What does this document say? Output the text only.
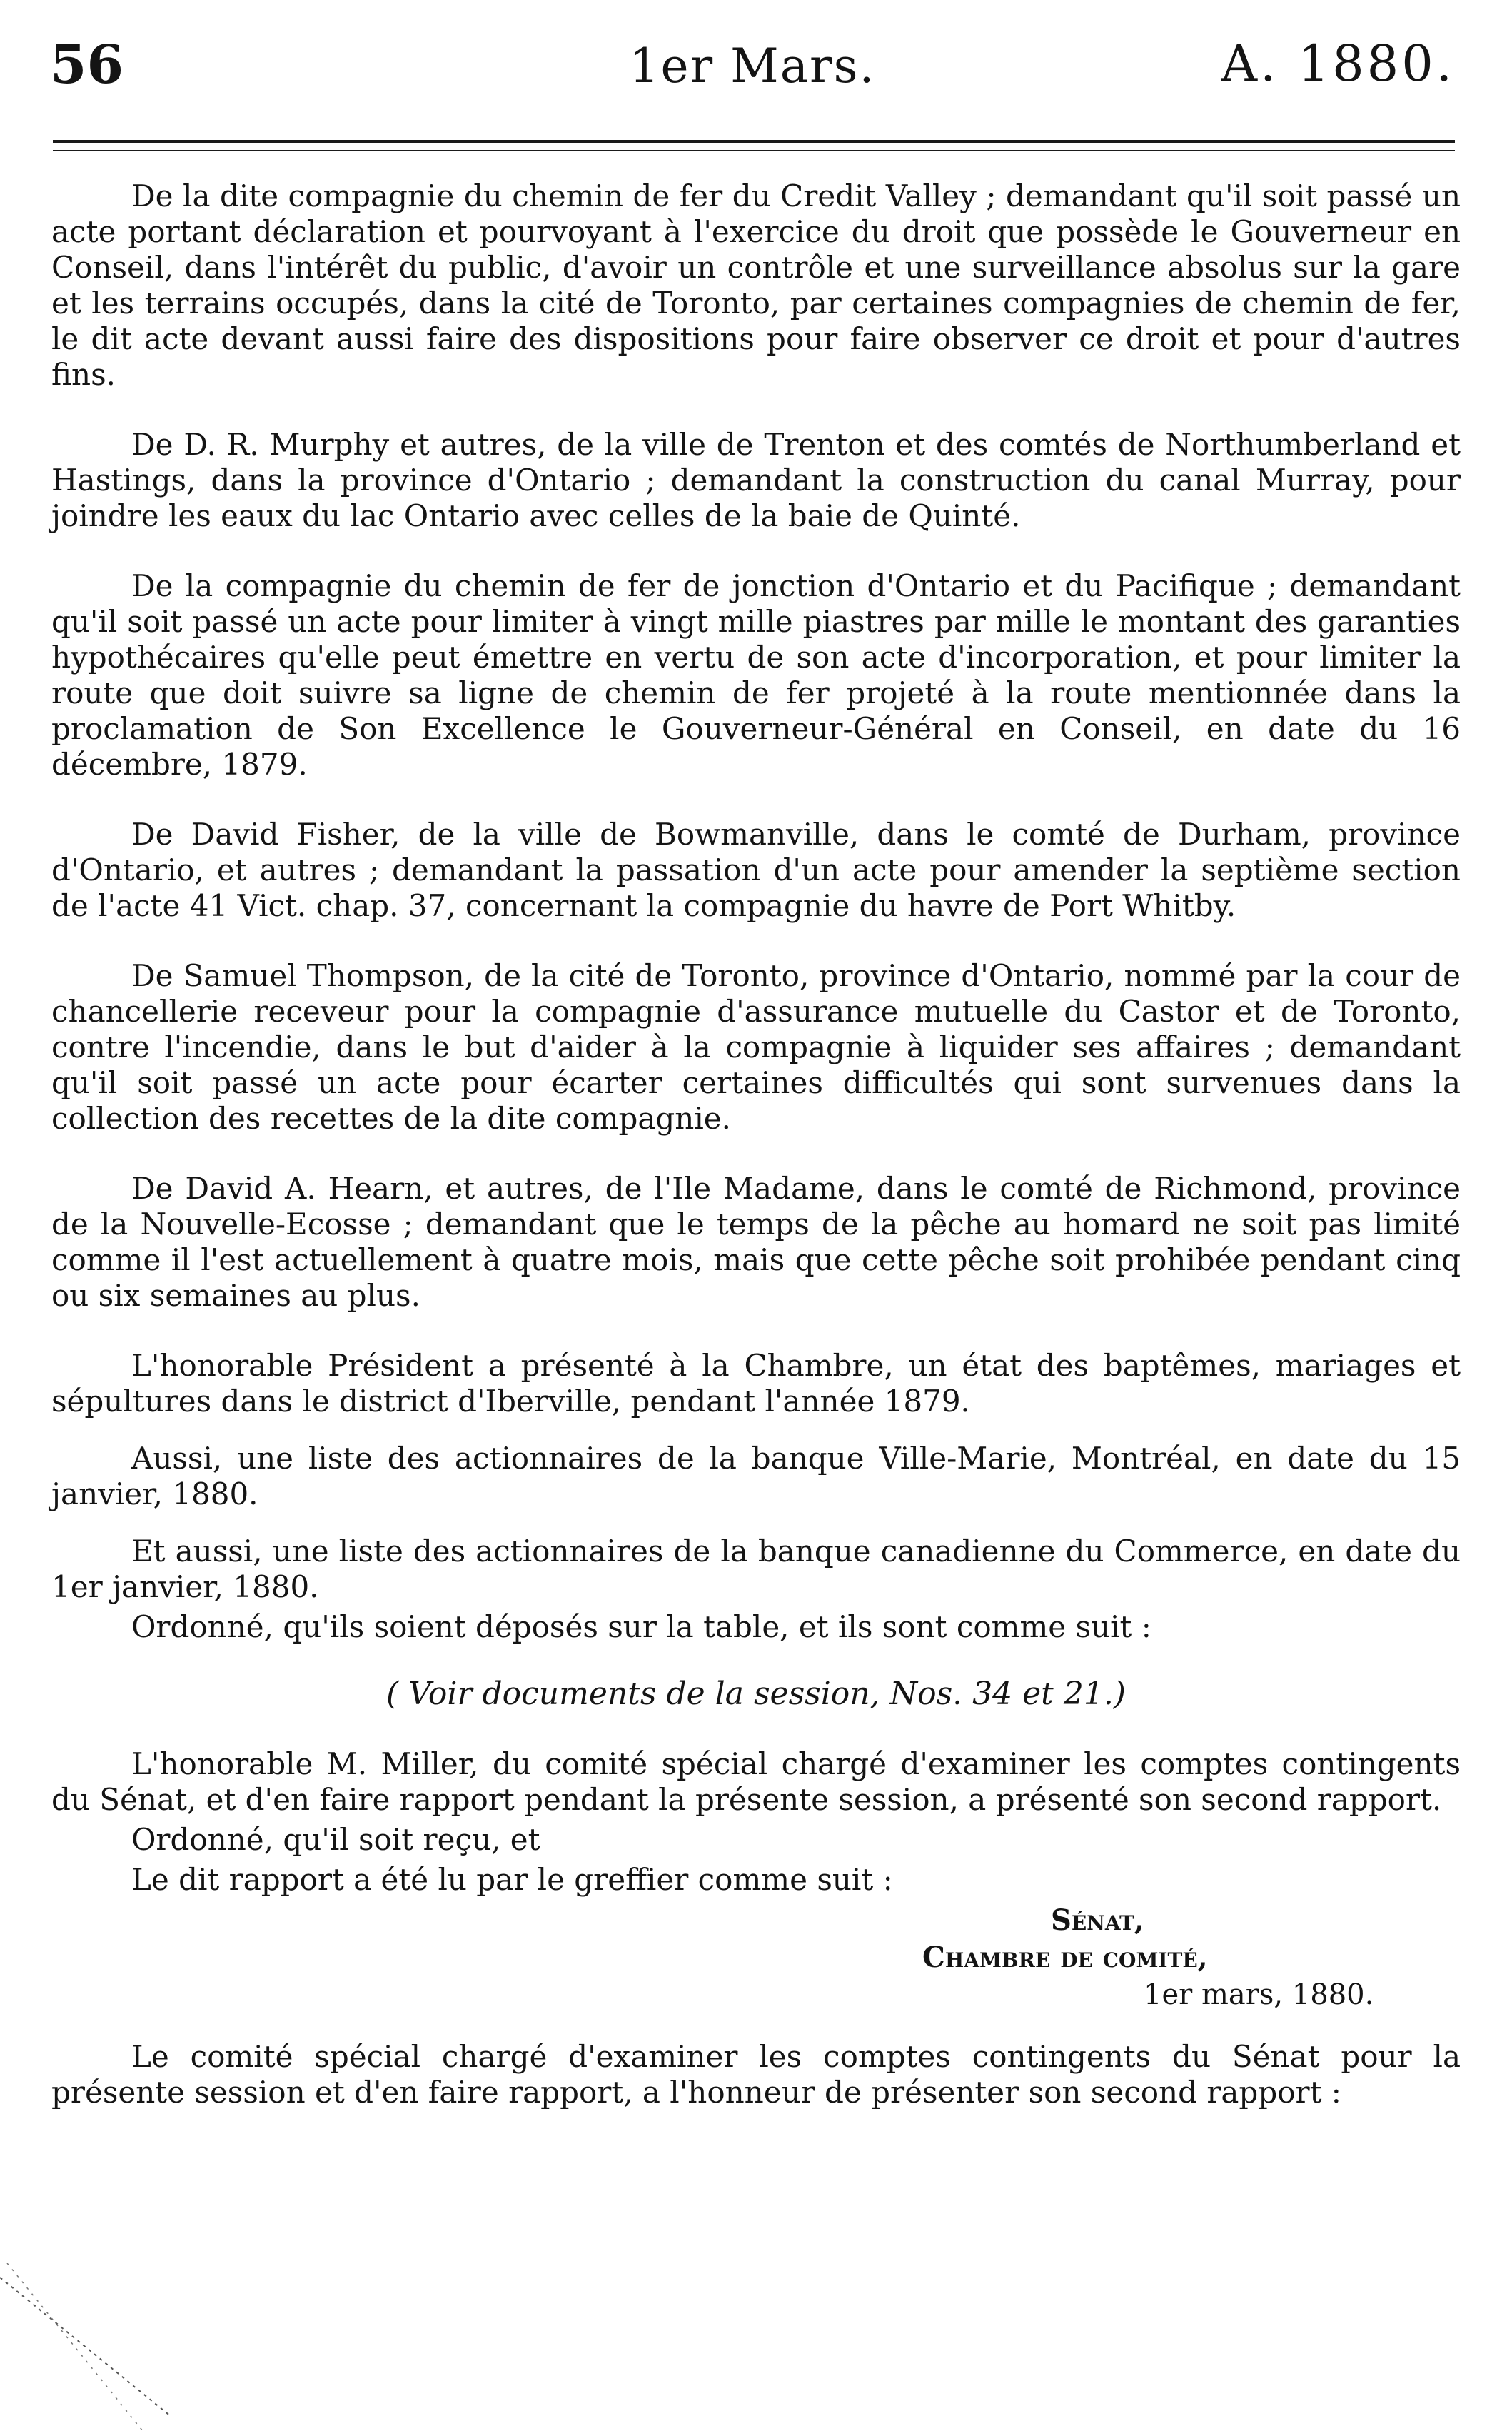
56	1er Mars.	A. 1880.

De la dite compagnie du chemin de fer du Credit Valley ; demandant qu'il soit passé un acte portant déclaration et pourvoyant à l'exercice du droit que possède le Gouverneur en Conseil, dans l'intérêt du public, d'avoir un contrôle et une surveillance absolus sur la gare et les terrains occupés, dans la cité de Toronto, par certaines compagnies de chemin de fer, le dit acte devant aussi faire des dispositions pour faire observer ce droit et pour d'autres fins.

De D. R. Murphy et autres, de la ville de Trenton et des comtés de Northumberland et Hastings, dans la province d'Ontario ; demandant la construction du canal Murray, pour joindre les eaux du lac Ontario avec celles de la baie de Quinté.

De la compagnie du chemin de fer de jonction d'Ontario et du Pacifique ; demandant qu'il soit passé un acte pour limiter à vingt mille piastres par mille le montant des garanties hypothécaires qu'elle peut émettre en vertu de son acte d'incorporation, et pour limiter la route que doit suivre sa ligne de chemin de fer projeté à la route mentionnée dans la proclamation de Son Excellence le Gouverneur-Général en Conseil, en date du 16 décembre, 1879.

De David Fisher, de la ville de Bowmanville, dans le comté de Durham, province d'Ontario, et autres ; demandant la passation d'un acte pour amender la septième section de l'acte 41 Vict. chap. 37, concernant la compagnie du havre de Port Whitby.

De Samuel Thompson, de la cité de Toronto, province d'Ontario, nommé par la cour de chancellerie receveur pour la compagnie d'assurance mutuelle du Castor et de Toronto, contre l'incendie, dans le but d'aider à la compagnie à liquider ses affaires ; demandant qu'il soit passé un acte pour écarter certaines difficultés qui sont survenues dans la collection des recettes de la dite compagnie.

De David A. Hearn, et autres, de l'Ile Madame, dans le comté de Richmond, province de la Nouvelle-Ecosse ; demandant que le temps de la pêche au homard ne soit pas limité comme il l'est actuellement à quatre mois, mais que cette pêche soit prohibée pendant cinq ou six semaines au plus.

L'honorable Président a présenté à la Chambre, un état des baptêmes, mariages et sépultures dans le district d'Iberville, pendant l'année 1879.

Aussi, une liste des actionnaires de la banque Ville-Marie, Montréal, en date du 15 janvier, 1880.

Et aussi, une liste des actionnaires de la banque canadienne du Commerce, en date du 1er janvier, 1880.

Ordonné, qu'ils soient déposés sur la table, et ils sont comme suit :

( Voir documents de la session, Nos. 34 et 21.)

L'honorable M. Miller, du comité spécial chargé d'examiner les comptes contingents du Sénat, et d'en faire rapport pendant la présente session, a présenté son second rapport.

Ordonné, qu'il soit reçu, et

Le dit rapport a été lu par le greffier comme suit :

Sénat,
Chambre de comité,
1er mars, 1880.

Le comité spécial chargé d'examiner les comptes contingents du Sénat pour la présente session et d'en faire rapport, a l'honneur de présenter son second rapport :
